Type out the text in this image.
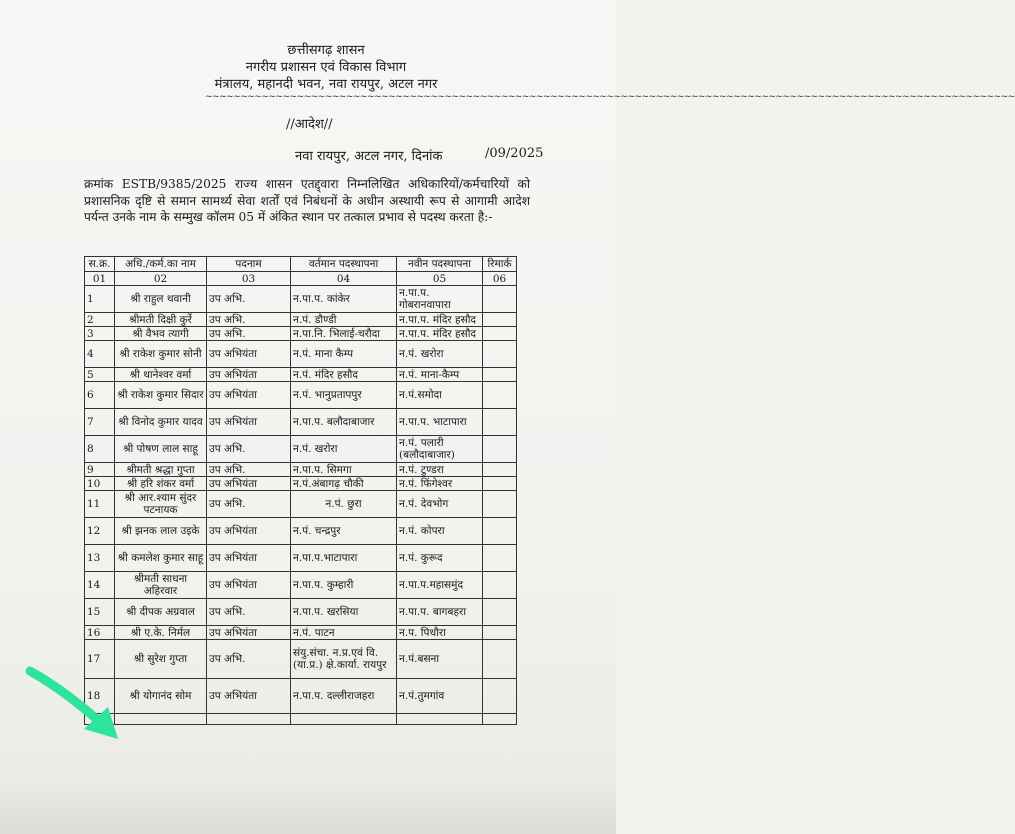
छत्तीसगढ़ शासन
नगरीय प्रशासन एवं विकास विभाग
मंत्रालय, महानदी भवन, नवा रायपुर, अटल नगर
~~~~~~~~~~~~~~~~~~~~~~~~~~~~~~~~~~~~~~~~~~~~~~~~~~~~~~~~~~~~~~~~~~~~~~~~~~~~~~~~~~~~~~~~~~~~~~~~~~~~~~~~~~~~~~~~~~~
//आदेश//
नवा रायपुर, अटल नगर, दिनांक	/09/2025
क्रमांक ESTB/9385/2025 राज्य शासन एतद्द्वारा निम्नलिखित अधिकारियों/कर्मचारियों को प्रशासनिक दृष्टि से समान सामर्थ्य सेवा शर्तों एवं निबंधनों के अधीन अस्थायी रूप से आगामी आदेश पर्यन्त उनके नाम के सम्मुख कॉलम 05 में अंकित स्थान पर तत्काल प्रभाव से पदस्थ करता है:-
स.क्र.	अधि./कर्म.का नाम	पदनाम	वर्तमान पदस्थापना	नवीन पदस्थापना	रिमार्क
01	02	03	04	05	06
1	श्री राहुल थवानी	उप अभि.	न.पा.प. कांकेर	न.पा.प. गोबरानवापारा	
2	श्रीमती दिक्षी कुर्रे	उप अभि.	न.पं. डौण्डी	न.पा.प. मंदिर हसौद	
3	श्री वैभव त्यागी	उप अभि.	न.पा.नि. भिलाई-चरौदा	न.पा.प. मंदिर हसौद	
4	श्री राकेश कुमार सोनी	उप अभियंता	न.पं. माना कैम्प	न.पं. खरोरा	
5	श्री थानेश्वर वर्मा	उप अभियंता	न.पं. मंदिर हसौद	न.पं. माना-कैम्प	
6	श्री राकेश कुमार सिदार	उप अभियंता	न.पं. भानुप्रतापपुर	न.पं.समोदा	
7	श्री विनोद कुमार यादव	उप अभियंता	न.पा.प. बलौदाबाजार	न.पा.प. भाटापारा	
8	श्री पोषण लाल साहू	उप अभि.	न.पं. खरोरा	न.पं. पलारी (बलौदाबाजार)	
9	श्रीमती श्रद्धा गुप्ता	उप अभि.	न.पा.प. सिमगा	न.पं. टुण्डरा	
10	श्री हरि शंकर वर्मा	उप अभियंता	न.पं.अंबागढ़ चौकी	न.पं. फिंगेश्वर	
11	श्री आर.श्याम सुंदर पटनायक	उप अभि.	न.पं. छुरा	न.पं. देवभोग	
12	श्री झनक लाल उइके	उप अभियंता	न.पं. चन्द्रपुर	न.पं. कोपरा	
13	श्री कमलेश कुमार साहू	उप अभियंता	न.पा.प.भाटापारा	न.पं. कुरूद	
14	श्रीमती साधना अहिरवार	उप अभियंता	न.पा.प. कुम्हारी	न.पा.प.महासमुंद	
15	श्री दीपक अग्रवाल	उप अभि.	न.पा.प. खरसिया	न.पा.प. बागबहरा	
16	श्री ए.के. निर्मल	उप अभियंता	न.पं. पाटन	न.प. पिथौरा	
17	श्री सुरेश गुप्ता	उप अभि.	संयु.संचा. न.प्र.एवं वि. (या.प्र.) क्षे.कार्या. रायपुर	न.पं.बसना	
18	श्री योगानंद सोम	उप अभियंता	न.पा.प. दल्लीराजहरा	न.पं.तुमगांव	
